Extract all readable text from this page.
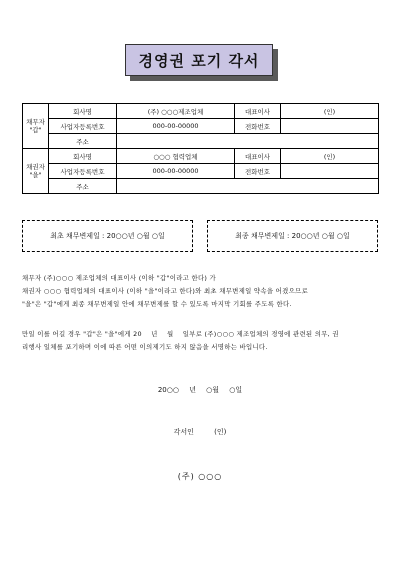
경영권 포기 각서
채무자
"갑"	회사명	(주) ○○○제조업체	대표이사	(인)
	사업자등록번호	000-00-00000	전화번호	
	주소			
채권자
"을"	회사명	○○○ 협력업체	대표이사	(인)
	사업자등록번호	000-00-00000	전화번호	
	주소			
최초 채무변제일 : 20○○년 ○월 ○일	최종 채무변제일 : 20○○년 ○월 ○일
채무자 (주)○○○ 제조업체의 대표이사 (이하 "갑"이라고 한다) 가
채권자 ○○○ 협력업체의 대표이사 (이하 "을"이라고 한다)와 최초 채무변제일 약속을 어겼으므로
"을"은 "갑"에게 최종 채무변제일 안에 채무변제를 할 수 있도록 마지막 기회를 주도록 한다.
만일 이를 어길 경우 "갑"은 "을"에게 20    년    월    일부로 (주)○○○ 제조업체의 경영에 관련된 의무, 권
리행사 일체를 포기하며 이에 따른 어떤 이의제기도 하지 않음을 서명하는 바입니다.
20○○ 년 ○월 ○일
각서인	(인)
(주) ○○○
